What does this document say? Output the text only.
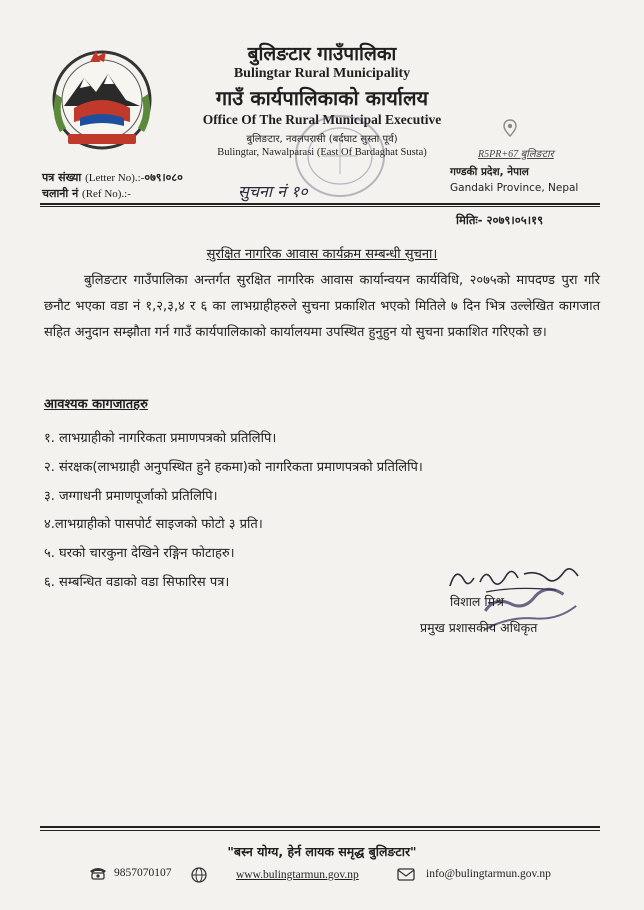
बुलिङटार गाउँपालिका
Bulingtar Rural Municipality
गाउँ कार्यपालिकाको कार्यालय
Office Of The Rural Municipal Executive
बुलिङटार, नवलपरासी (बर्दघाट सुस्ता पूर्व)
Bulingtar, Nawalparasi (East Of Bardaghat Susta)	R5PR+67 बुलिङटार
गण्डकी प्रदेश, नेपाल
Gandaki Province, Nepal
पत्र संख्या (Letter No).:-०७९।०८०
चलानी नं (Ref No).:-	सुचना नं १०
मितिः- २०७९।०५।१९
सुरक्षित नागरिक आवास कार्यक्रम सम्बन्धी सुचना।
बुलिङटार गाउँपालिका अन्तर्गत सुरक्षित नागरिक आवास कार्यान्वयन कार्यविधि, २०७५को मापदण्ड पुरा गरि छनौट भएका वडा नं १,२,३,४ र ६ का लाभग्राहीहरुले सुचना प्रकाशित भएको मितिले ७ दिन भित्र उल्लेखित कागजात सहित अनुदान सम्झौता गर्न गाउँ कार्यपालिकाको कार्यालयमा उपस्थित हुनुहुन यो सुचना प्रकाशित गरिएको छ।
आवश्यक कागजातहरु
१. लाभग्राहीको नागरिकता प्रमाणपत्रको प्रतिलिपि।
२. संरक्षक(लाभग्राही अनुपस्थित हुने हकमा)को नागरिकता प्रमाणपत्रको प्रतिलिपि।
३. जग्गाधनी प्रमाणपूर्जाको प्रतिलिपि।
४.लाभग्राहीको पासपोर्ट साइजको फोटो ३ प्रति।
५. घरको चारकुना देखिने रङ्गिन फोटाहरु।
६. सम्बन्धित वडाको वडा सिफारिस पत्र।
विशाल मिश्र
प्रमुख प्रशासकीय अधिकृत
"बस्न योग्य, हेर्न लायक समृद्ध बुलिङटार"
9857070107	www.bulingtarmun.gov.np	info@bulingtarmun.gov.np
